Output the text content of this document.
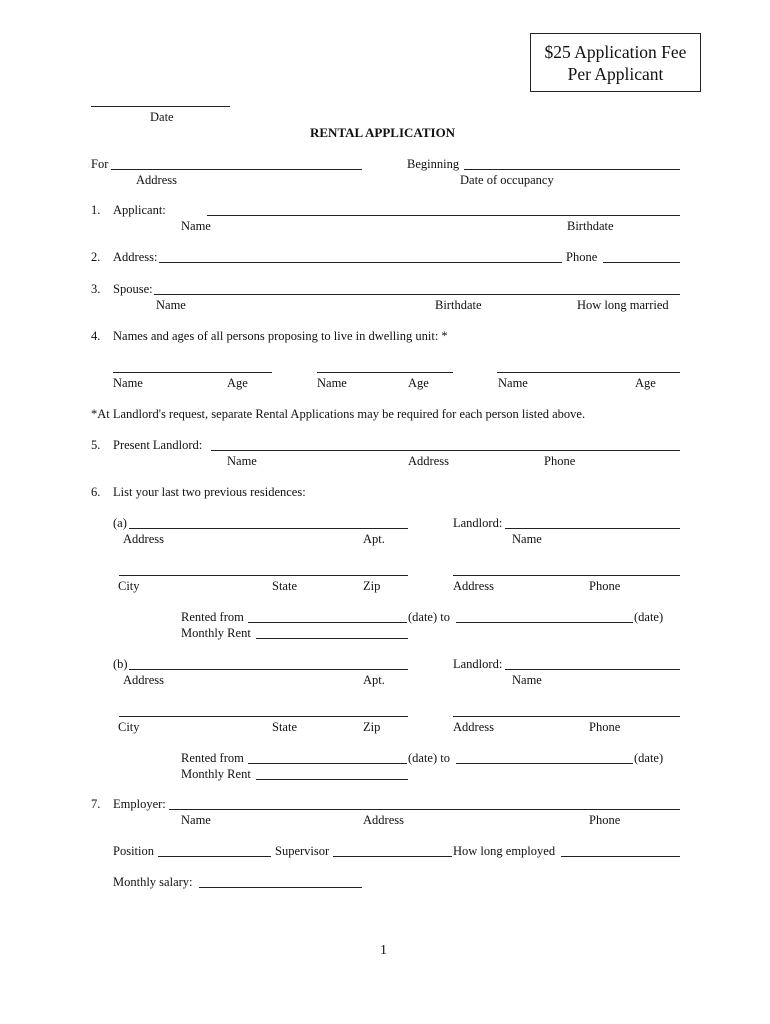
$25 Application Fee
Per Applicant
Date
RENTAL APPLICATION
For
Address
Beginning
Date of occupancy
1. Applicant:
Name	Birthdate
2. Address:	Phone
3. Spouse:
Name	Birthdate	How long married
4. Names and ages of all persons proposing to live in dwelling unit: *
Name	Age	Name	Age	Name	Age
*At Landlord's request, separate Rental Applications may be required for each person listed above.
5. Present Landlord:
Name	Address	Phone
6. List your last two previous residences:
(a)	Landlord:
Address	Apt.	Name
City	State	Zip	Address	Phone
Rented from	(date) to	(date)
Monthly Rent
(b)	Landlord:
Address	Apt.	Name
City	State	Zip	Address	Phone
Rented from	(date) to	(date)
Monthly Rent
7. Employer:
Name	Address	Phone
Position	Supervisor	How long employed
Monthly salary:
1
